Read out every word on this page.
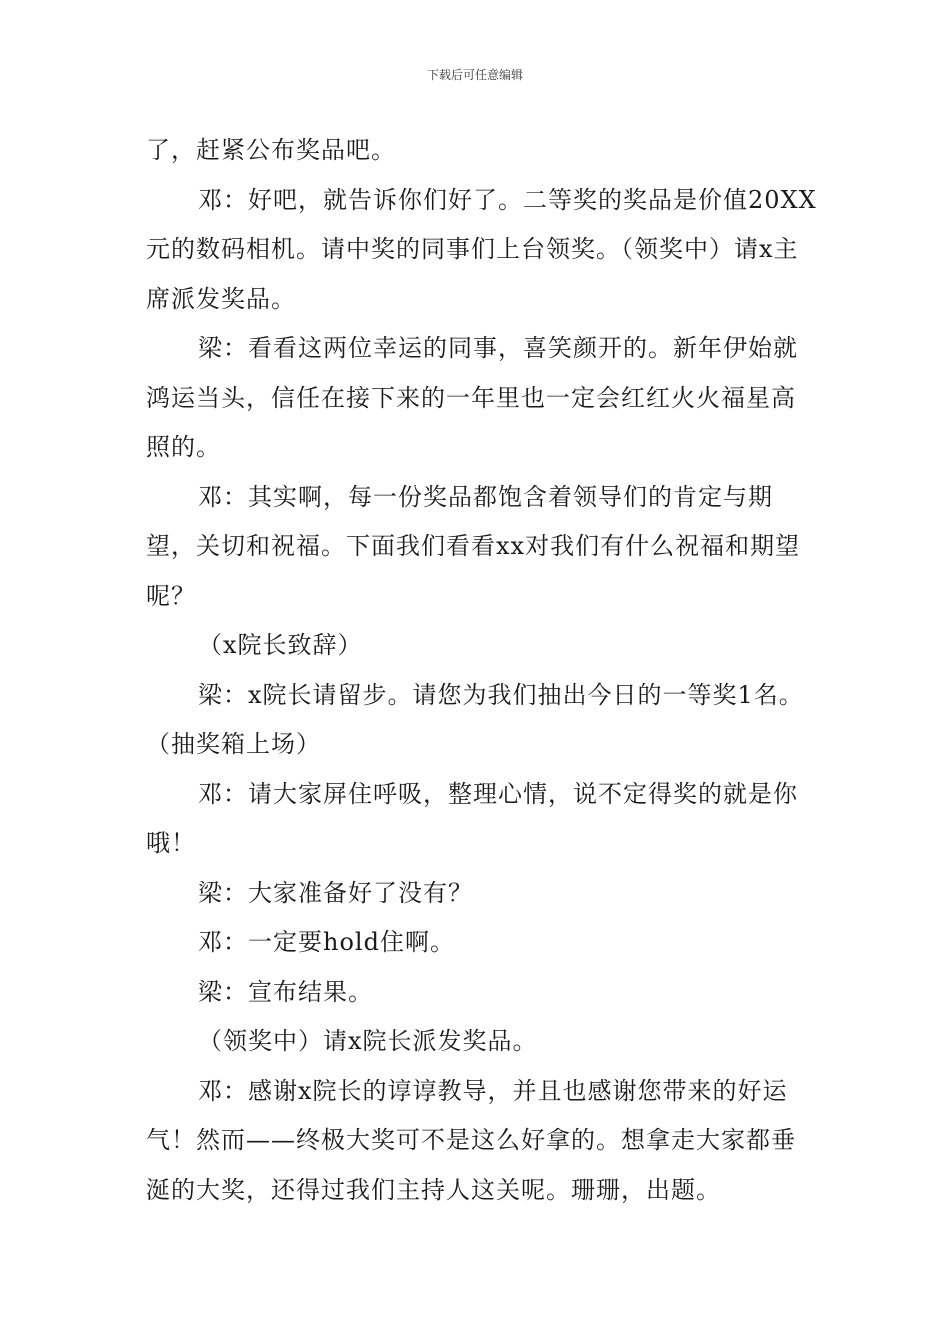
下载后可任意编辑

了，赶紧公布奖品吧。

邓：好吧，就告诉你们好了。二等奖的奖品是价值20XX元的数码相机。请中奖的同事们上台领奖。（领奖中）请x主席派发奖品。

梁：看看这两位幸运的同事，喜笑颜开的。新年伊始就鸿运当头，信任在接下来的一年里也一定会红红火火福星高照的。

邓：其实啊，每一份奖品都饱含着领导们的肯定与期望，关切和祝福。下面我们看看xx对我们有什么祝福和期望呢？

（x院长致辞）

梁：x院长请留步。请您为我们抽出今日的一等奖1名。（抽奖箱上场）

邓：请大家屏住呼吸，整理心情，说不定得奖的就是你哦！

梁：大家准备好了没有？

邓：一定要hold住啊。

梁：宣布结果。

（领奖中）请x院长派发奖品。

邓：感谢x院长的谆谆教导，并且也感谢您带来的好运气！然而——终极大奖可不是这么好拿的。想拿走大家都垂涎的大奖，还得过我们主持人这关呢。珊珊，出题。
